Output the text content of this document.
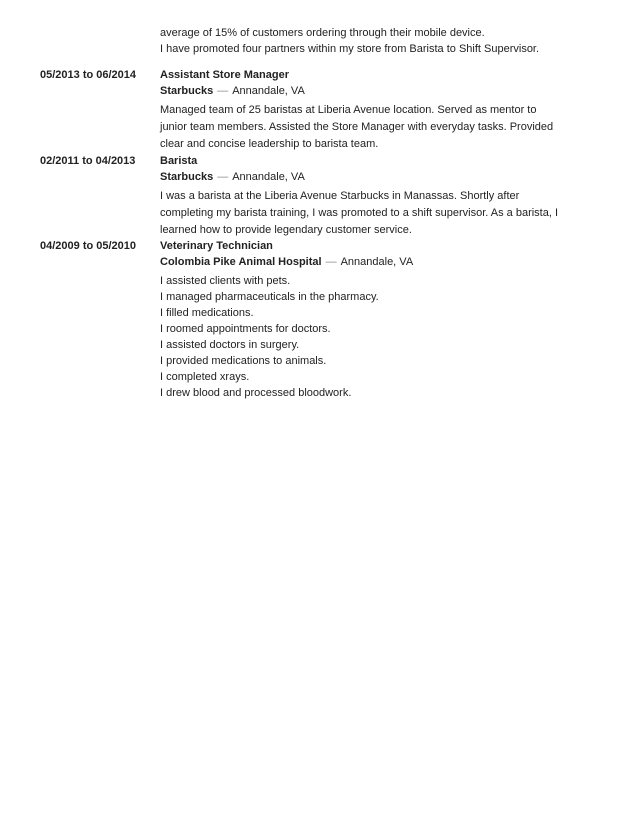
average of 15% of customers ordering through their mobile device.
I have promoted four partners within my store from Barista to Shift Supervisor.
05/2013 to 06/2014 Assistant Store Manager
Starbucks — Annandale, VA
Managed team of 25 baristas at Liberia Avenue location. Served as mentor to
junior team members. Assisted the Store Manager with everyday tasks. Provided
clear and concise leadership to barista team.
02/2011 to 04/2013 Barista
Starbucks — Annandale, VA
I was a barista at the Liberia Avenue Starbucks in Manassas. Shortly after
completing my barista training, I was promoted to a shift supervisor. As a barista, I
learned how to provide legendary customer service.
04/2009 to 05/2010 Veterinary Technician
Colombia Pike Animal Hospital — Annandale, VA
I assisted clients with pets.
I managed pharmaceuticals in the pharmacy.
I filled medications.
I roomed appointments for doctors.
I assisted doctors in surgery.
I provided medications to animals.
I completed xrays.
I drew blood and processed bloodwork.
